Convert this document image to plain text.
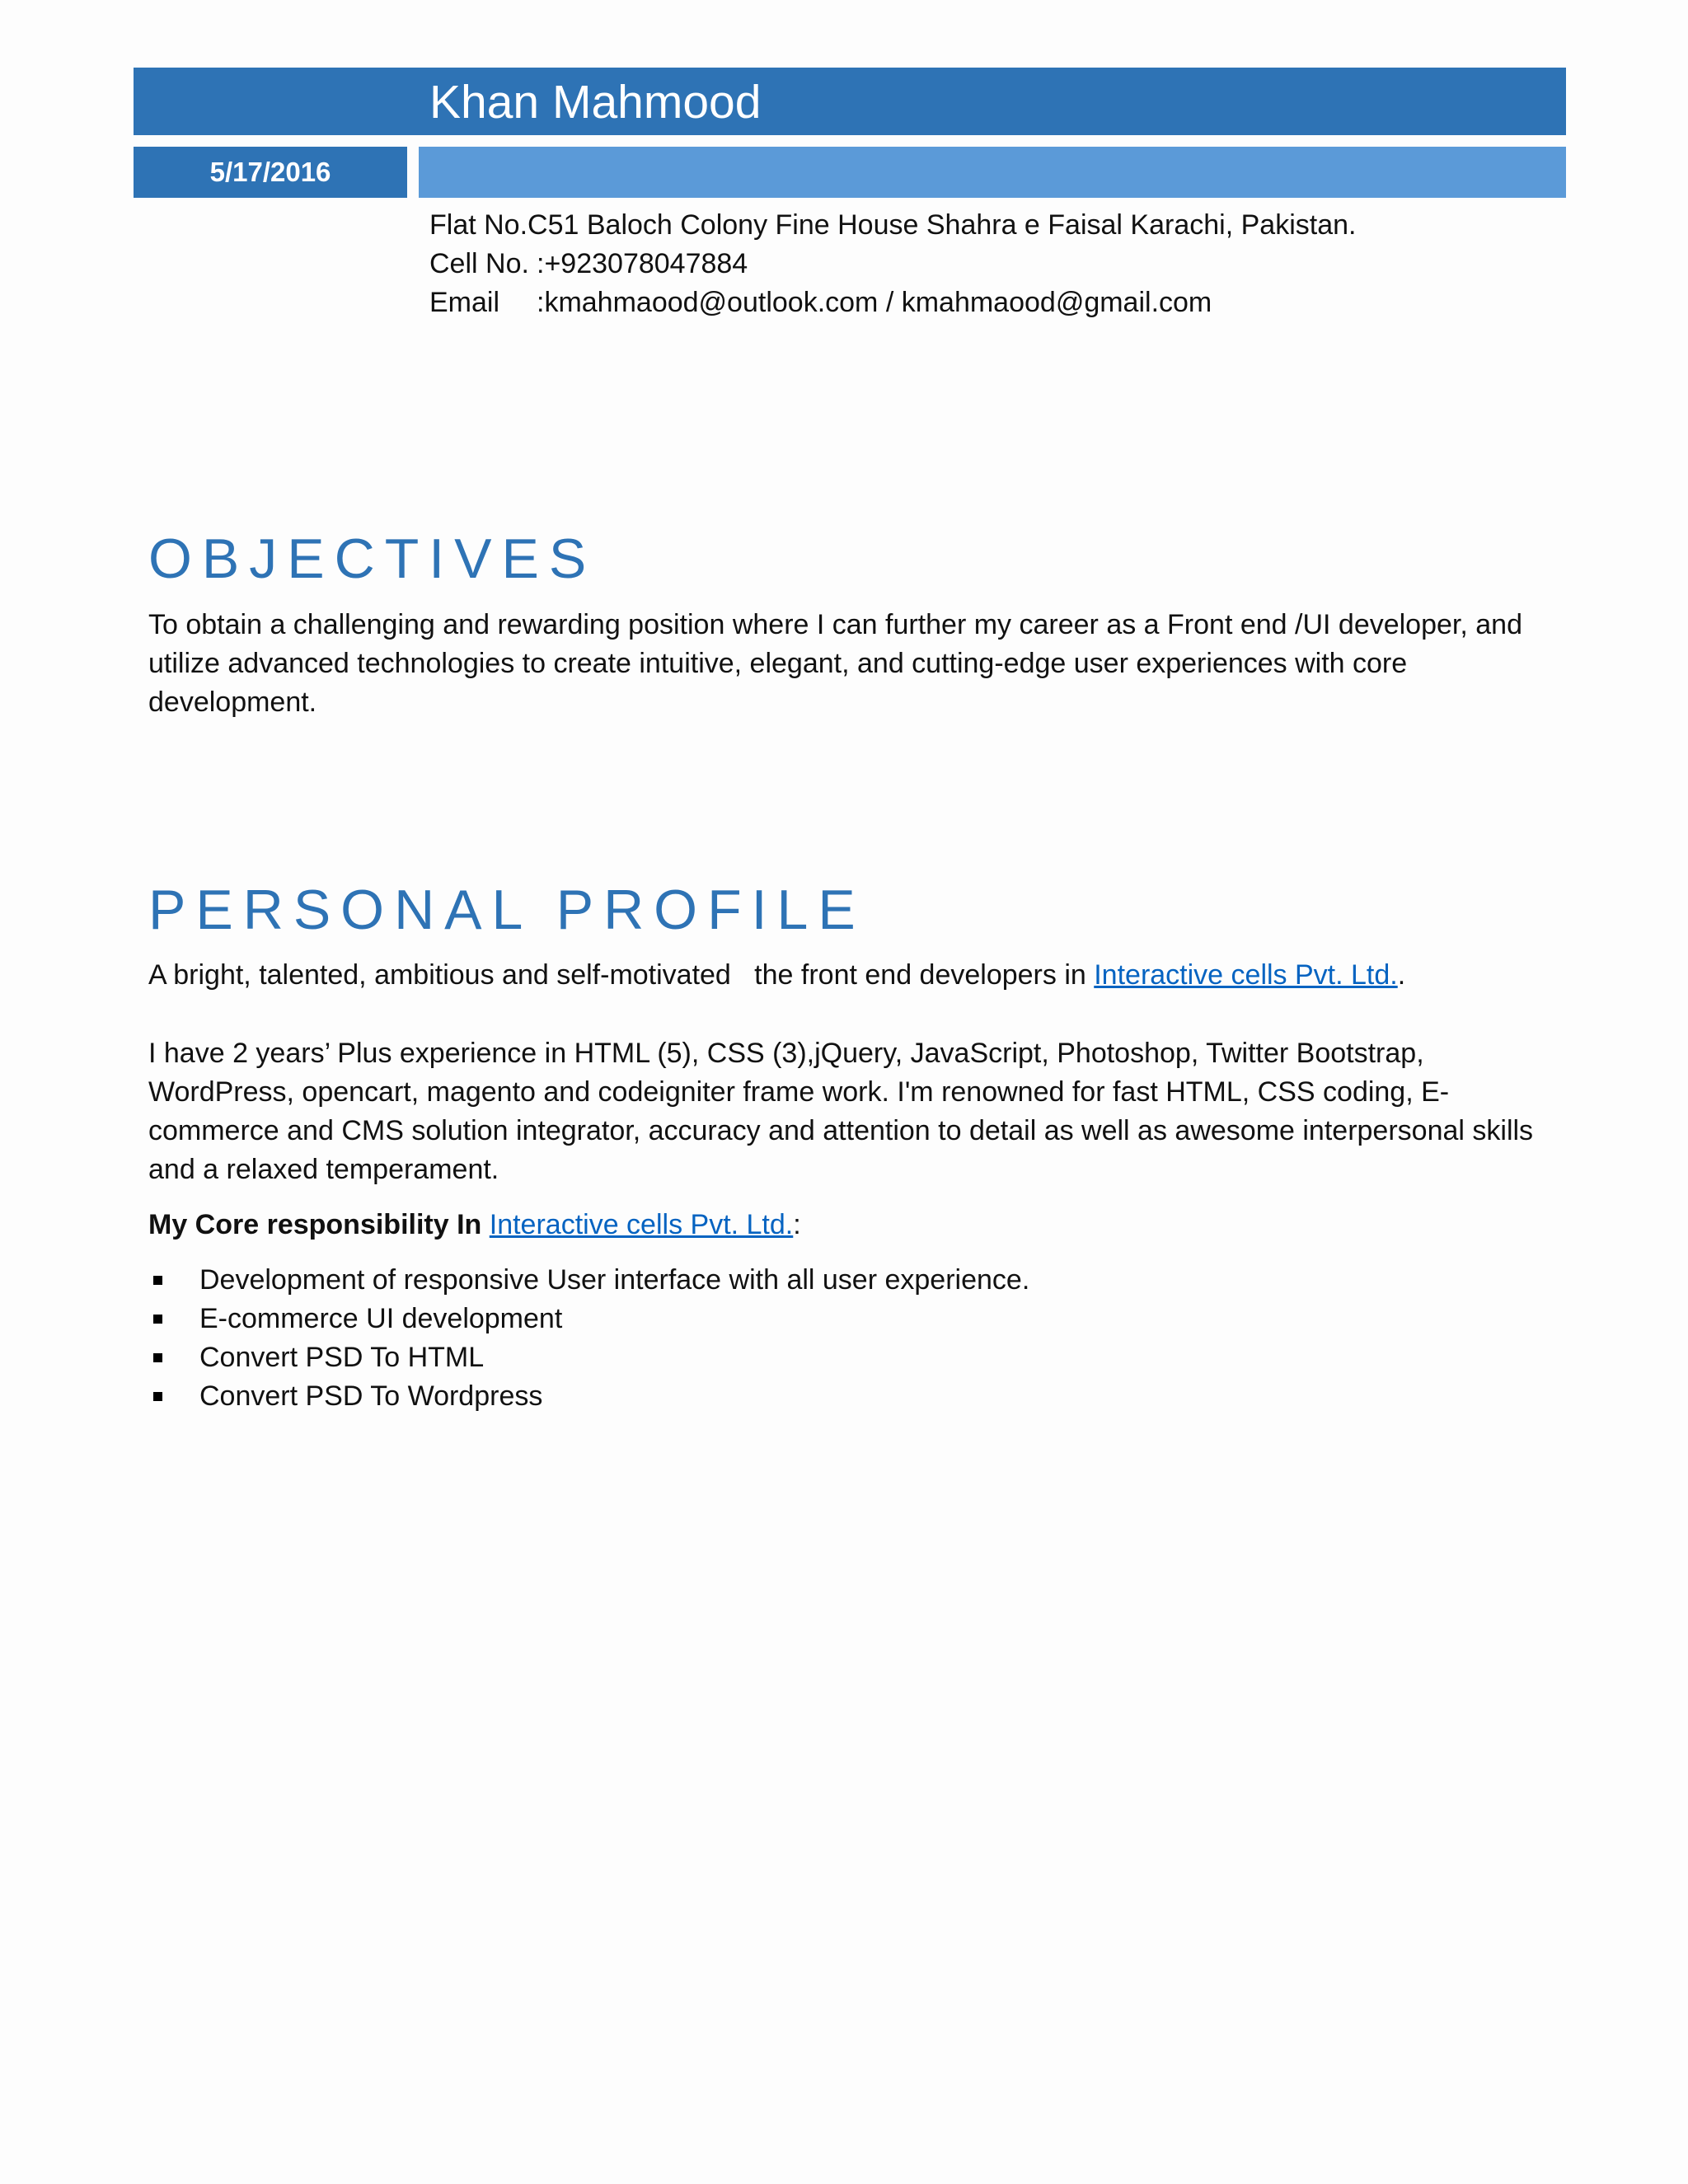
Khan Mahmood
5/17/2016
Flat No.C51 Baloch Colony Fine House Shahra e Faisal Karachi, Pakistan.
Cell No. :+923078047884
Email :kmahmaood@outlook.com / kmahmaood@gmail.com
OBJECTIVES
To obtain a challenging and rewarding position where I can further my career as a Front end /UI developer, and utilize advanced technologies to create intuitive, elegant, and cutting-edge user experiences with core development.
PERSONAL PROFILE
A bright, talented, ambitious and self-motivated   the front end developers in Interactive cells Pvt. Ltd..
I have 2 years’ Plus experience in HTML (5), CSS (3),jQuery, JavaScript, Photoshop, Twitter Bootstrap, WordPress, opencart, magento and codeigniter frame work. I'm renowned for fast HTML, CSS coding, E-commerce and CMS solution integrator, accuracy and attention to detail as well as awesome interpersonal skills and a relaxed temperament.
My Core responsibility In Interactive cells Pvt. Ltd.:
Development of responsive User interface with all user experience.
E-commerce UI development
Convert PSD To HTML
Convert PSD To Wordpress
